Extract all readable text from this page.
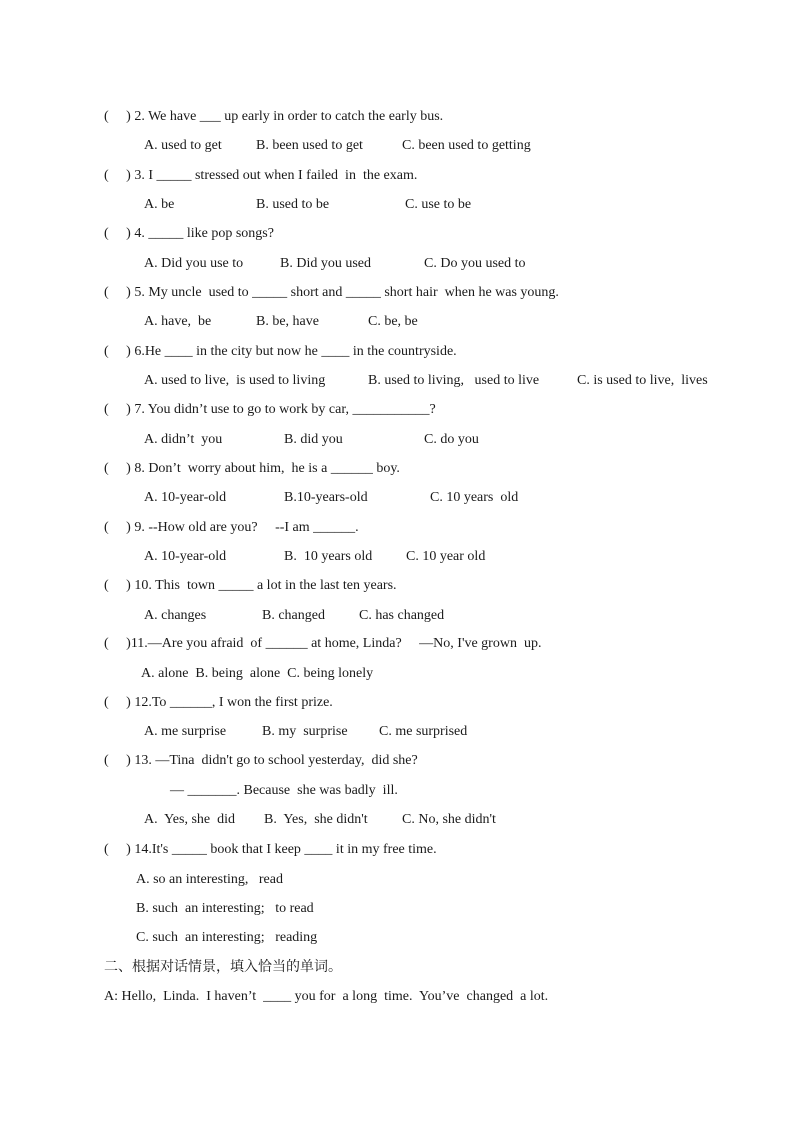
(     ) 2. We have ___ up early in order to catch the early bus.

A. used to get

B. been used to get

	C. been used to getting

(     ) 3. I _____ stressed out when I failed  in  the exam.

A. be

	B. used to be

	C. use to be

(     ) 4. _____ like pop songs?

A. Did you use to

	B. Did you used

	C. Do you used to

(     ) 5. My uncle  used to _____ short and _____ short hair  when he was young.

A. have,  be

	B. be, have

	C. be, be

(     ) 6.He ____ in the city but now he ____ in the countryside.

A. used to live,  is used to living

	B. used to living,   used to live

	C. is used to live,  lives

(     ) 7. You didn’t use to go to work by car, ___________?

A. didn’t  you

	B. did you

	C. do you

(     ) 8. Don’t  worry about him,  he is a ______ boy.

A. 10-year-old

	B.10-years-old

	C. 10 years  old

(     ) 9. --How old are you?     --I am ______.

A. 10-year-old

	B.  10 years old

C. 10 year old

(     ) 10. This  town _____ a lot in the last ten years.

A. changes

	B. changed

C. has changed

(     )11.—Are you afraid  of ______ at home, Linda?     —No, I've grown  up.
A. alone  B. being  alone  C. being lonely
(     ) 12.To ______, I won the first prize.

A. me surprise

	B. my  surprise

C. me surprised

(     ) 13. —Tina  didn't go to school yesterday,  did she?
— _______. Because  she was badly  ill.

A.  Yes, she  did

B.  Yes,  she didn't

C. No, she didn't

(     ) 14.It's _____ book that I keep ____ it in my free time.
A. so an interesting,   read
B. such  an interesting;   to read
C. such  an interesting;   reading
二、根据对话情景，填入恰当的单词。
A: Hello,  Linda.  I haven’t  ____ you for  a long  time.  You’ve  changed  a lot.
